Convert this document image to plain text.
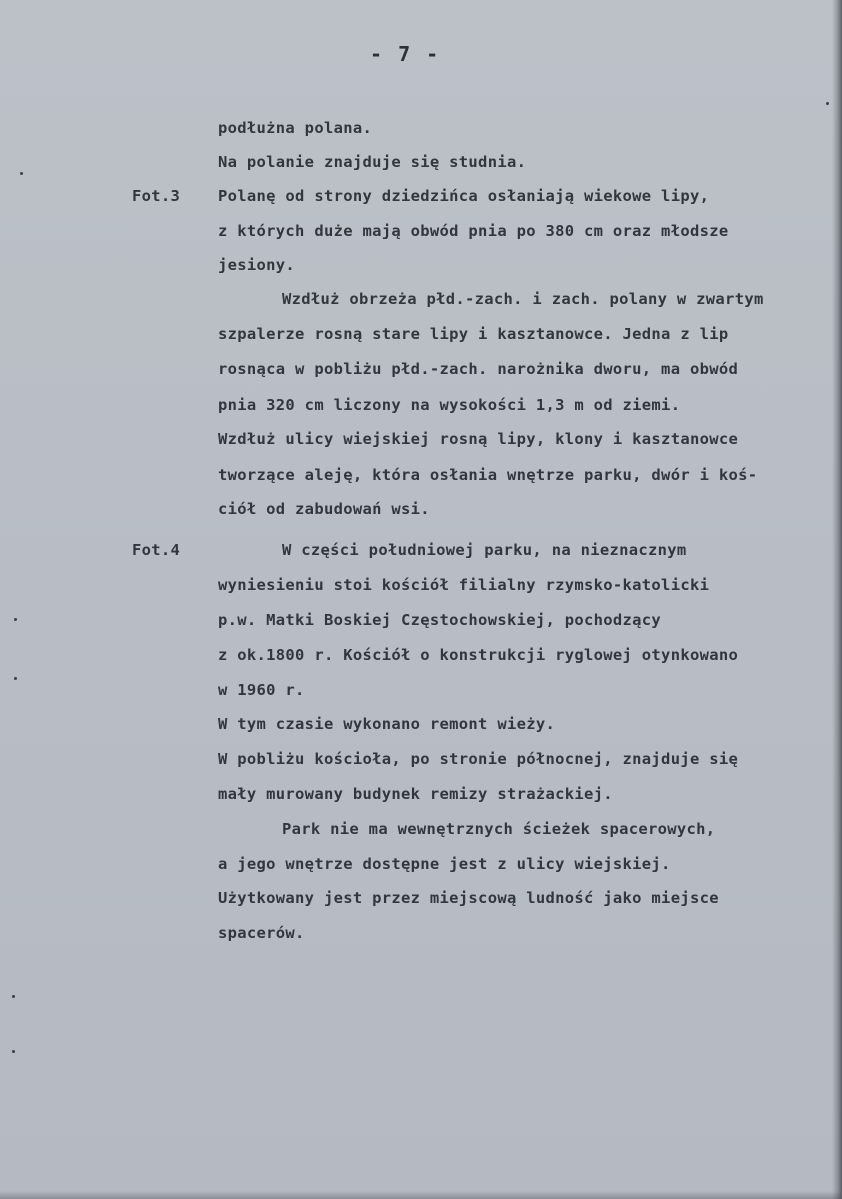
- 7 -
Fot.3
Fot.4
podłużna polana.
Na polanie znajduje się studnia.
Polanę od strony dziedzińca osłaniają wiekowe lipy,
z których duże mają obwód pnia po 380 cm oraz młodsze
jesiony.
Wzdłuż obrzeża płd.-zach. i zach. polany w zwartym
szpalerze rosną stare lipy i kasztanowce. Jedna z lip
rosnąca w pobliżu płd.-zach. narożnika dworu, ma obwód
pnia 320 cm liczony na wysokości 1,3 m od ziemi.
Wzdłuż ulicy wiejskiej rosną lipy, klony i kasztanowce
tworzące aleję, która osłania wnętrze parku, dwór i koś-
ciół od zabudowań wsi.
W części południowej parku, na nieznacznym
wyniesieniu stoi kościół filialny rzymsko-katolicki
p.w. Matki Boskiej Częstochowskiej, pochodzący
z ok.1800 r. Kościół o konstrukcji ryglowej otynkowano
w 1960 r.
W tym czasie wykonano remont wieży.
W pobliżu kościoła, po stronie północnej, znajduje się
mały murowany budynek remizy strażackiej.
Park nie ma wewnętrznych ścieżek spacerowych,
a jego wnętrze dostępne jest z ulicy wiejskiej.
Użytkowany jest przez miejscową ludność jako miejsce
spacerów.
